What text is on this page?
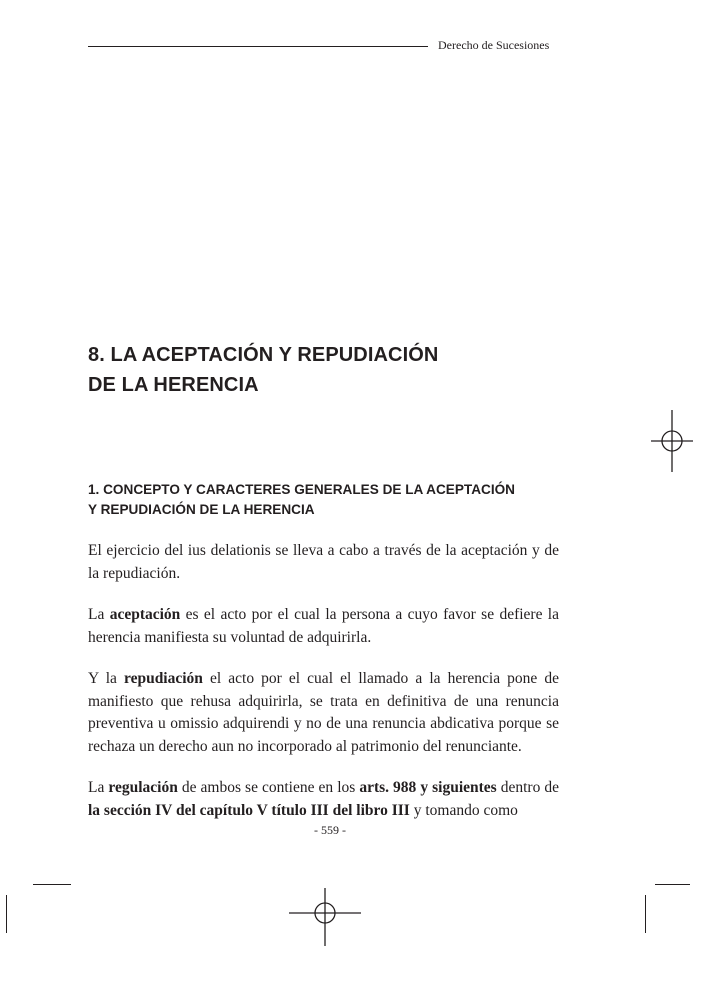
Derecho de Sucesiones
8. LA ACEPTACIÓN Y REPUDIACIÓN
DE LA HERENCIA
1. CONCEPTO Y CARACTERES GENERALES DE LA ACEPTACIÓN
Y REPUDIACIÓN DE LA HERENCIA

El ejercicio del ius delationis se lleva a cabo a través de la aceptación y de la repudiación.

La aceptación es el acto por el cual la persona a cuyo favor se defiere la herencia manifiesta su voluntad de adquirirla.

Y la repudiación el acto por el cual el llamado a la herencia pone de manifiesto que rehusa adquirirla, se trata en definitiva de una renuncia preventiva u omissio adquirendi y no de una renuncia abdicativa porque se rechaza un derecho aun no incorporado al patrimonio del renunciante.

La regulación de ambos se contiene en los arts. 988 y siguientes dentro de la sección IV del capítulo V título III del libro III y tomando como

- 559 -
